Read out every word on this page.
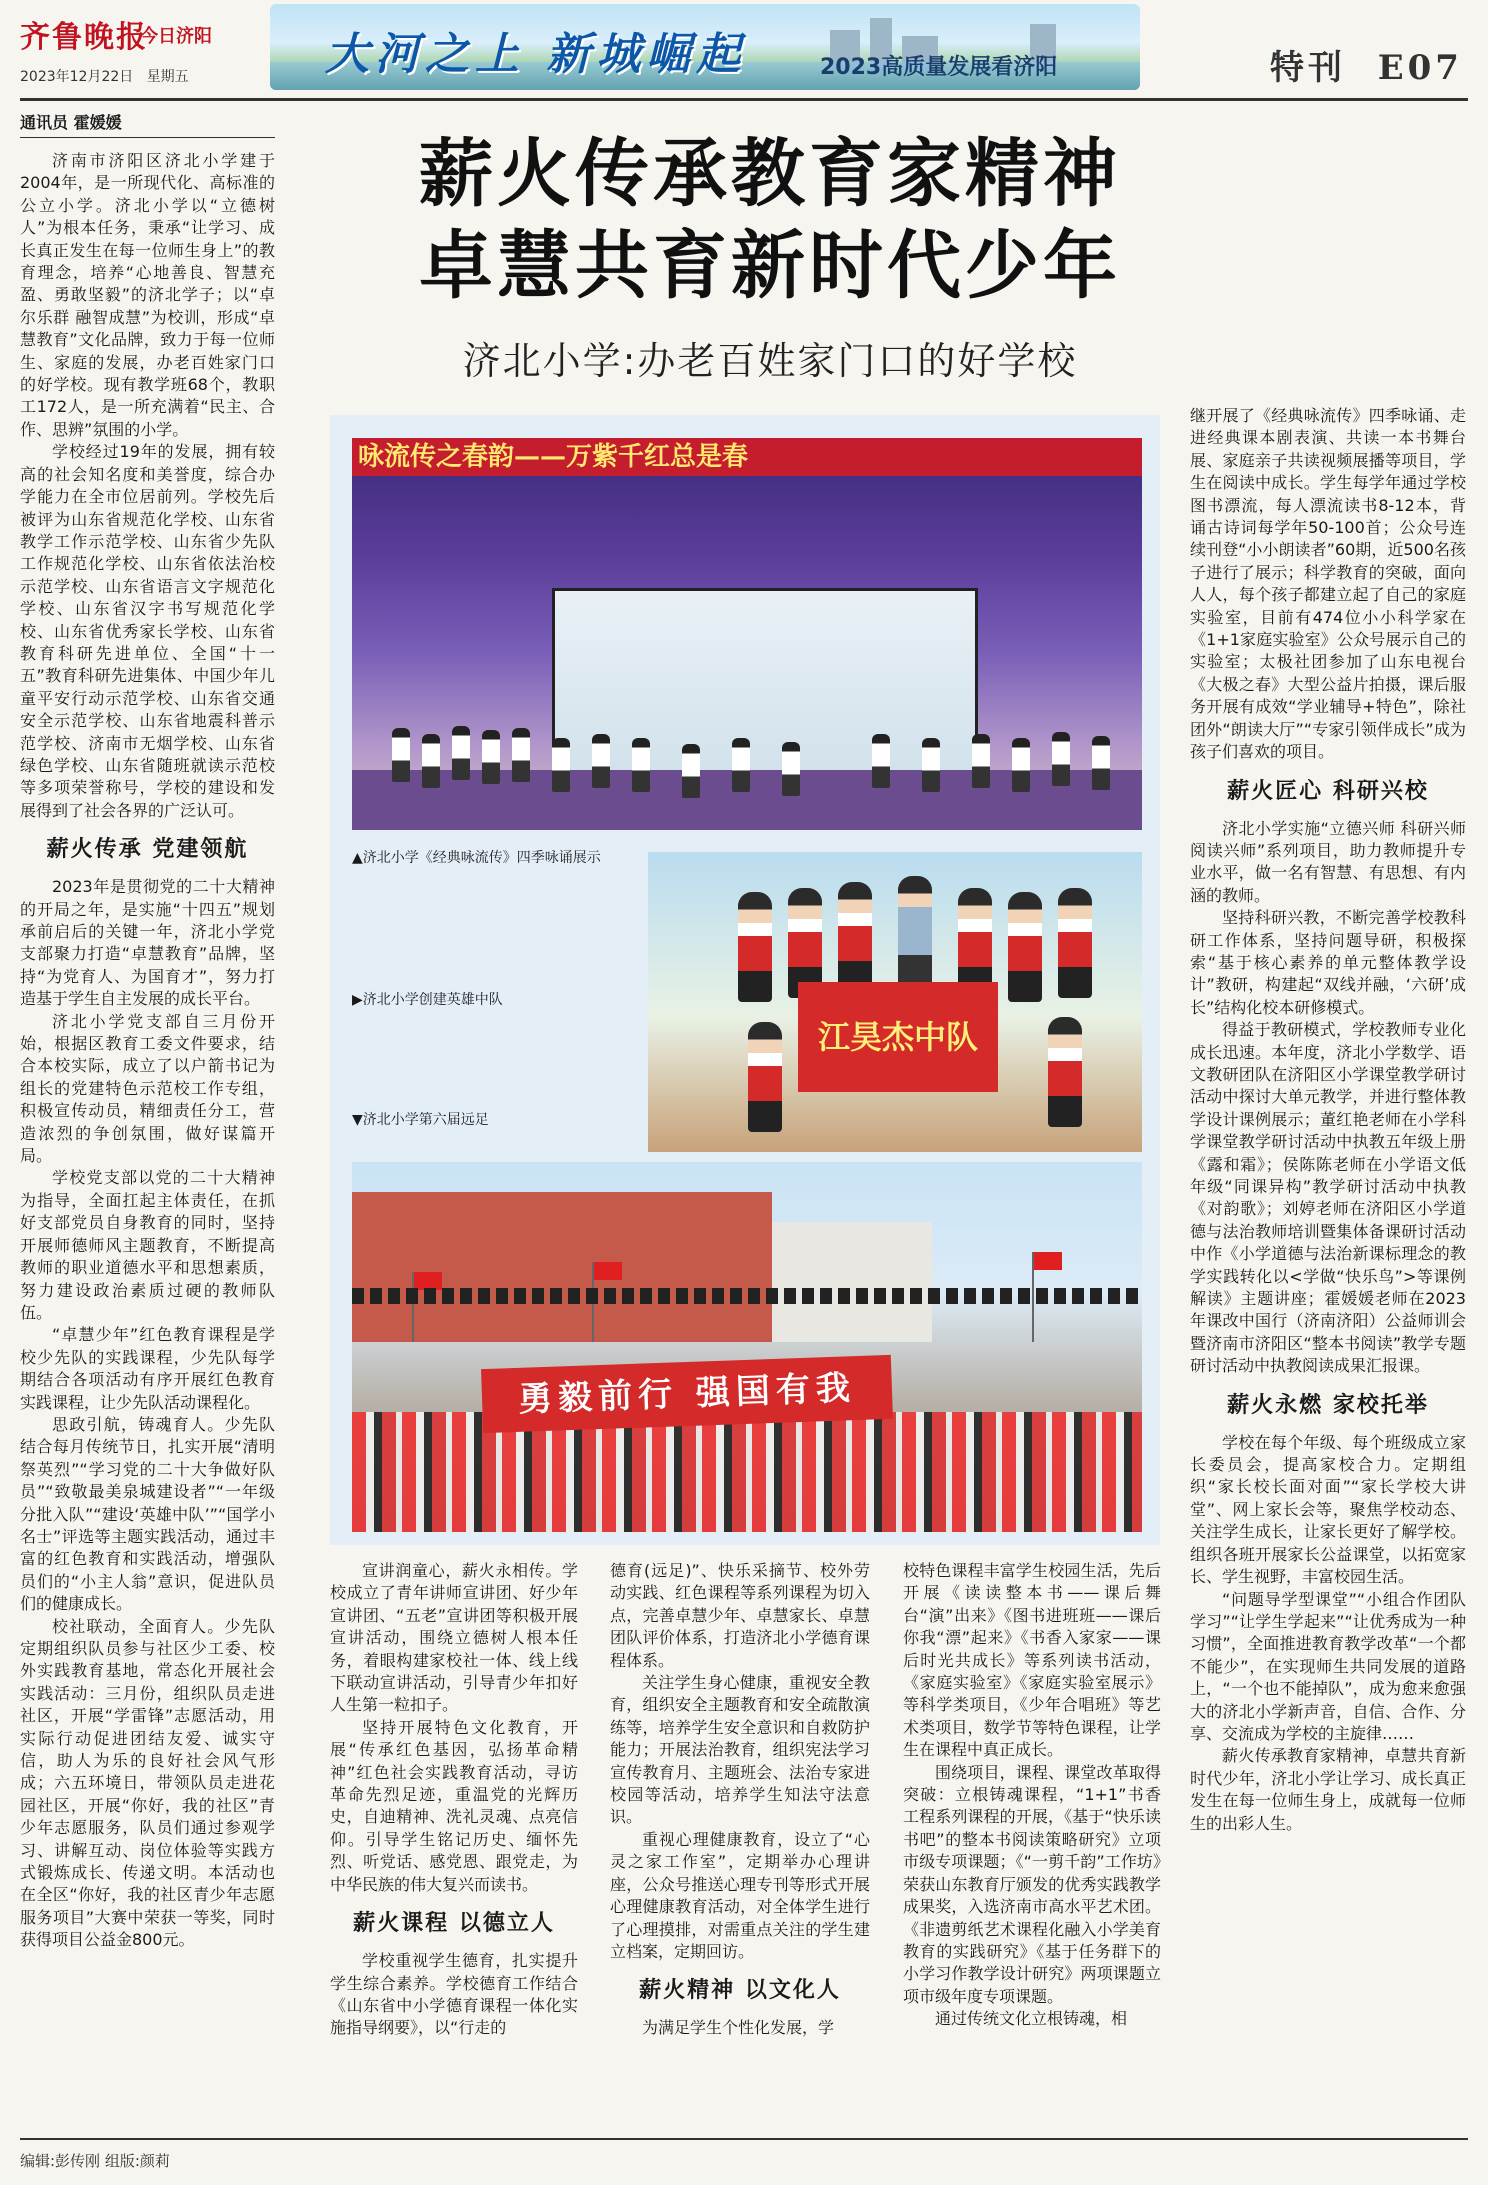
齐鲁晚报
今日济阳
2023年12月22日 星期五	大河之上 新城崛起	2023高质量发展看济阳	特刊 E07
通讯员 霍媛媛
薪火传承教育家精神
卓慧共育新时代少年
济北小学:办老百姓家门口的好学校

济南市济阳区济北小学建于2004年，是一所现代化、高标准的公立小学。济北小学以“立德树人”为根本任务，秉承“让学习、成长真正发生在每一位师生身上”的教育理念，培养“心地善良、智慧充盈、勇敢坚毅”的济北学子；以“卓尔乐群 融智成慧”为校训，形成“卓慧教育”文化品牌，致力于每一位师生、家庭的发展，办老百姓家门口的好学校。现有教学班68个，教职工172人，是一所充满着“民主、合作、思辨”氛围的小学。

学校经过19年的发展，拥有较高的社会知名度和美誉度，综合办学能力在全市位居前列。学校先后被评为山东省规范化学校、山东省教学工作示范学校、山东省少先队工作规范化学校、山东省依法治校示范学校、山东省语言文字规范化学校、山东省汉字书写规范化学校、山东省优秀家长学校、山东省教育科研先进单位、全国“十一五”教育科研先进集体、中国少年儿童平安行动示范学校、山东省交通安全示范学校、山东省地震科普示范学校、济南市无烟学校、山东省绿色学校、山东省随班就读示范校等多项荣誉称号，学校的建设和发展得到了社会各界的广泛认可。

薪火传承 党建领航

2023年是贯彻党的二十大精神的开局之年，是实施“十四五”规划承前启后的关键一年，济北小学党支部聚力打造“卓慧教育”品牌，坚持“为党育人、为国育才”，努力打造基于学生自主发展的成长平台。

济北小学党支部自三月份开始，根据区教育工委文件要求，结合本校实际，成立了以户箭书记为组长的党建特色示范校工作专组，积极宣传动员，精细责任分工，营造浓烈的争创氛围，做好谋篇开局。

学校党支部以党的二十大精神为指导，全面扛起主体责任，在抓好支部党员自身教育的同时，坚持开展师德师风主题教育，不断提高教师的职业道德水平和思想素质，努力建设政治素质过硬的教师队伍。

“卓慧少年”红色教育课程是学校少先队的实践课程，少先队每学期结合各项活动有序开展红色教育实践课程，让少先队活动课程化。

思政引航，铸魂育人。少先队结合每月传统节日，扎实开展“清明祭英烈”“学习党的二十大争做好队员”“致敬最美泉城建设者”“一年级分批入队”“建设‘英雄中队’”“国学小名士”评选等主题实践活动，通过丰富的红色教育和实践活动，增强队员们的“小主人翁”意识，促进队员们的健康成长。

校社联动，全面育人。少先队定期组织队员参与社区少工委、校外实践教育基地，常态化开展社会实践活动：三月份，组织队员走进社区，开展“学雷锋”志愿活动，用实际行动促进团结友爱、诚实守信，助人为乐的良好社会风气形成；六五环境日，带领队员走进花园社区，开展“你好，我的社区”青少年志愿服务，队员们通过参观学习、讲解互动、岗位体验等实践方式锻炼成长、传递文明。本活动也在全区“你好，我的社区青少年志愿服务项目”大赛中荣获一等奖，同时获得项目公益金800元。

咏流传之春韵——万紫千红总是春
▲济北小学《经典咏流传》四季咏诵展示
▶济北小学创建英雄中队
▼济北小学第六届远足
江昊杰中队
勇毅前行 强国有我

宣讲润童心，薪火永相传。学校成立了青年讲师宣讲团、好少年宣讲团、“五老”宣讲团等积极开展宣讲活动，围绕立德树人根本任务，着眼构建家校社一体、线上线下联动宣讲活动，引导青少年扣好人生第一粒扣子。

坚持开展特色文化教育，开展“传承红色基因，弘扬革命精神”红色社会实践教育活动，寻访革命先烈足迹，重温党的光辉历史，自迪精神、洗礼灵魂、点亮信仰。引导学生铭记历史、缅怀先烈、听党话、感党恩、跟党走，为中华民族的伟大复兴而读书。

薪火课程 以德立人

学校重视学生德育，扎实提升学生综合素养。学校德育工作结合《山东省中小学德育课程一体化实施指导纲要》，以“行走的

德育(远足)”、快乐采摘节、校外劳动实践、红色课程等系列课程为切入点，完善卓慧少年、卓慧家长、卓慧团队评价体系，打造济北小学德育课程体系。

关注学生身心健康，重视安全教育，组织安全主题教育和安全疏散演练等，培养学生安全意识和自救防护能力；开展法治教育，组织宪法学习宣传教育月、主题班会、法治专家进校园等活动，培养学生知法守法意识。

重视心理健康教育，设立了“心灵之家工作室”，定期举办心理讲座，公众号推送心理专刊等形式开展心理健康教育活动，对全体学生进行了心理摸排，对需重点关注的学生建立档案，定期回访。

薪火精神 以文化人

为满足学生个性化发展，学

校特色课程丰富学生校园生活，先后开展《读读整本书——课后舞台“演”出来》《图书进班班——课后你我“漂”起来》《书香入家家——课后时光共成长》等系列读书活动，《家庭实验室》《家庭实验室展示》等科学类项目，《少年合唱班》等艺术类项目，数学节等特色课程，让学生在课程中真正成长。

围绕项目，课程、课堂改革取得突破：立根铸魂课程，“1+1”书香工程系列课程的开展，《基于“快乐读书吧”的整本书阅读策略研究》立项市级专项课题；《“一剪千韵”工作坊》荣获山东教育厅颁发的优秀实践教学成果奖，入选济南市高水平艺术团。《非遗剪纸艺术课程化融入小学美育教育的实践研究》《基于任务群下的小学习作教学设计研究》两项课题立项市级年度专项课题。

通过传统文化立根铸魂，相

继开展了《经典咏流传》四季咏诵、走进经典课本剧表演、共读一本书舞台展、家庭亲子共读视频展播等项目，学生在阅读中成长。学生每学年通过学校图书漂流，每人漂流读书8-12本，背诵古诗词每学年50-100首；公众号连续刊登“小小朗读者”60期，近500名孩子进行了展示；科学教育的突破，面向人人，每个孩子都建立起了自己的家庭实验室，目前有474位小小科学家在《1+1家庭实验室》公众号展示自己的实验室；太极社团参加了山东电视台《大极之春》大型公益片拍摄，课后服务开展有成效“学业辅导+特色”，除社团外“朗读大厅”“专家引领伴成长”成为孩子们喜欢的项目。

薪火匠心 科研兴校

济北小学实施“立德兴师 科研兴师 阅读兴师”系列项目，助力教师提升专业水平，做一名有智慧、有思想、有内涵的教师。

坚持科研兴教，不断完善学校教科研工作体系，坚持问题导研，积极探索“基于核心素养的单元整体教学设计”教研，构建起“双线并融，‘六研’成长”结构化校本研修模式。

得益于教研模式，学校教师专业化成长迅速。本年度，济北小学数学、语文教研团队在济阳区小学课堂教学研讨活动中探讨大单元教学，并进行整体教学设计课例展示；董红艳老师在小学科学课堂教学研讨活动中执教五年级上册《露和霜》；侯陈陈老师在小学语文低年级“同课异构”教学研讨活动中执教《对韵歌》；刘婷老师在济阳区小学道德与法治教师培训暨集体备课研讨活动中作《小学道德与法治新课标理念的教学实践转化以<学做“快乐鸟”>等课例解读》主题讲座；霍媛媛老师在2023年课改中国行（济南济阳）公益师训会暨济南市济阳区“整本书阅读”教学专题研讨活动中执教阅读成果汇报课。

薪火永燃 家校托举

学校在每个年级、每个班级成立家长委员会，提高家校合力。定期组织“家长校长面对面”“家长学校大讲堂”、网上家长会等，聚焦学校动态、关注学生成长，让家长更好了解学校。组织各班开展家长公益课堂，以拓宽家长、学生视野，丰富校园生活。

“问题导学型课堂”“小组合作团队学习”“让学生学起来”“让优秀成为一种习惯”，全面推进教育教学改革“一个都不能少”，在实现师生共同发展的道路上，“一个也不能掉队”，成为愈来愈强大的济北小学新声音，自信、合作、分享、交流成为学校的主旋律……

薪火传承教育家精神，卓慧共育新时代少年，济北小学让学习、成长真正发生在每一位师生身上，成就每一位师生的出彩人生。

编辑:彭传刚 组版:颜莉
